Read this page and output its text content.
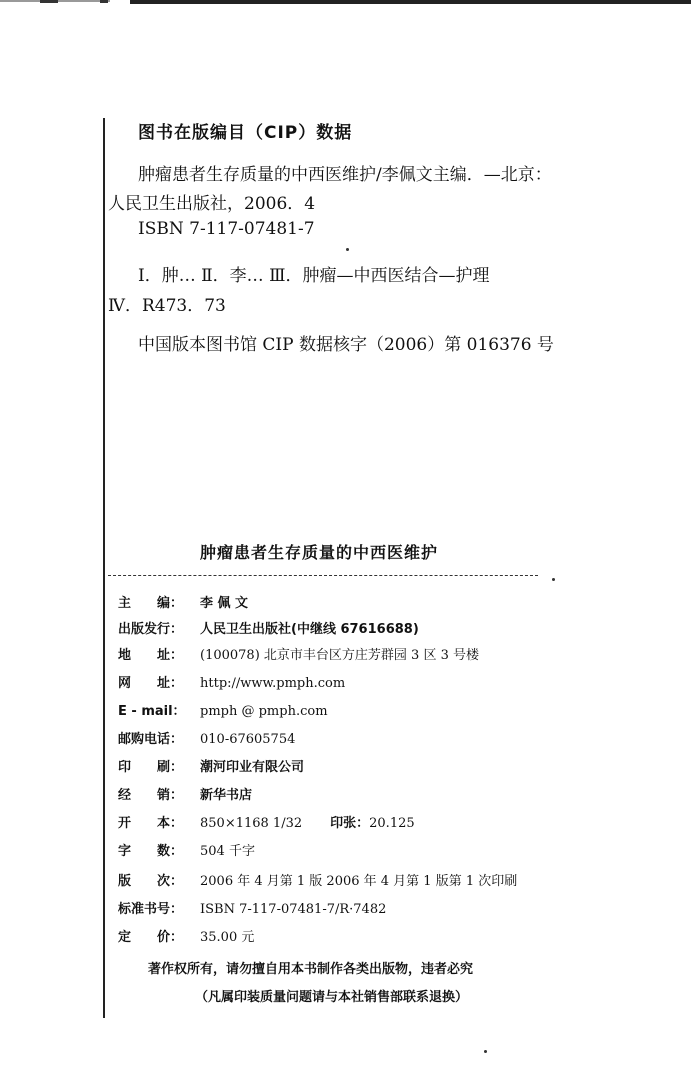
图书在版编目（CIP）数据
肿瘤患者生存质量的中西医维护/李佩文主编．—北京：
人民卫生出版社，2006．4
ISBN 7-117-07481-7
Ⅰ．肿… Ⅱ．李… Ⅲ．肿瘤—中西医结合—护理
Ⅳ．R473．73
中国版本图书馆 CIP 数据核字（2006）第 016376 号
肿瘤患者生存质量的中西医维护
主　　编： 李 佩 文
出版发行： 人民卫生出版社(中继线 67616688)
地　　址： (100078) 北京市丰台区方庄芳群园 3 区 3 号楼
网　　址： http://www.pmph.com
E - mail： pmph @ pmph.com
邮购电话： 010-67605754
印　　刷： 潮河印业有限公司
经　　销： 新华书店
开　　本： 850×1168 1/32 印张：20.125
字　　数： 504 千字
版　　次： 2006 年 4 月第 1 版 2006 年 4 月第 1 版第 1 次印刷
标准书号： ISBN 7-117-07481-7/R·7482
定　　价： 35.00 元
著作权所有，请勿擅自用本书制作各类出版物，违者必究
（凡属印装质量问题请与本社销售部联系退换）
